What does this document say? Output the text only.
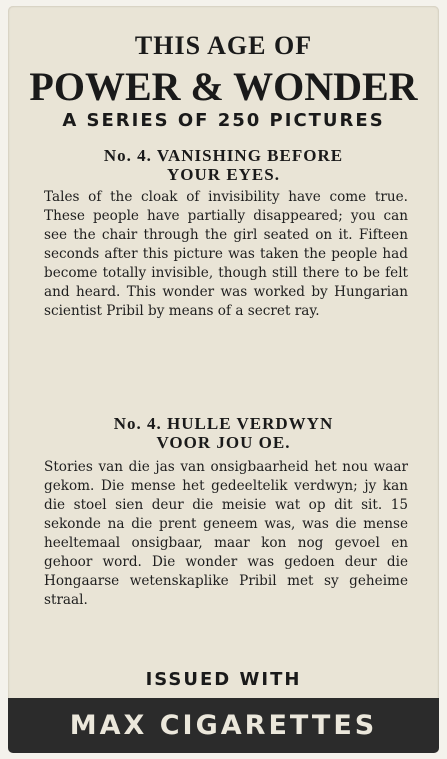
THIS AGE OF
POWER & WONDER
A SERIES OF 250 PICTURES
No. 4. VANISHING BEFORE
YOUR EYES.
Tales of the cloak of invisibility have come true. These people have partially disappeared; you can see the chair through the girl seated on it. Fifteen seconds after this picture was taken the people had become totally invisible, though still there to be felt and heard. This wonder was worked by Hungarian scientist Pribil by means of a secret ray.
No. 4. HULLE VERDWYN
VOOR JOU OE.
Stories van die jas van onsigbaarheid het nou waar gekom. Die mense het gedeeltelik verdwyn; jy kan die stoel sien deur die meisie wat op dit sit. 15 sekonde na die prent geneem was, was die mense heeltemaal onsigbaar, maar kon nog gevoel en gehoor word. Die wonder was gedoen deur die Hongaarse wetenskaplike Pribil met sy geheime straal.
ISSUED WITH
MAX CIGARETTES
